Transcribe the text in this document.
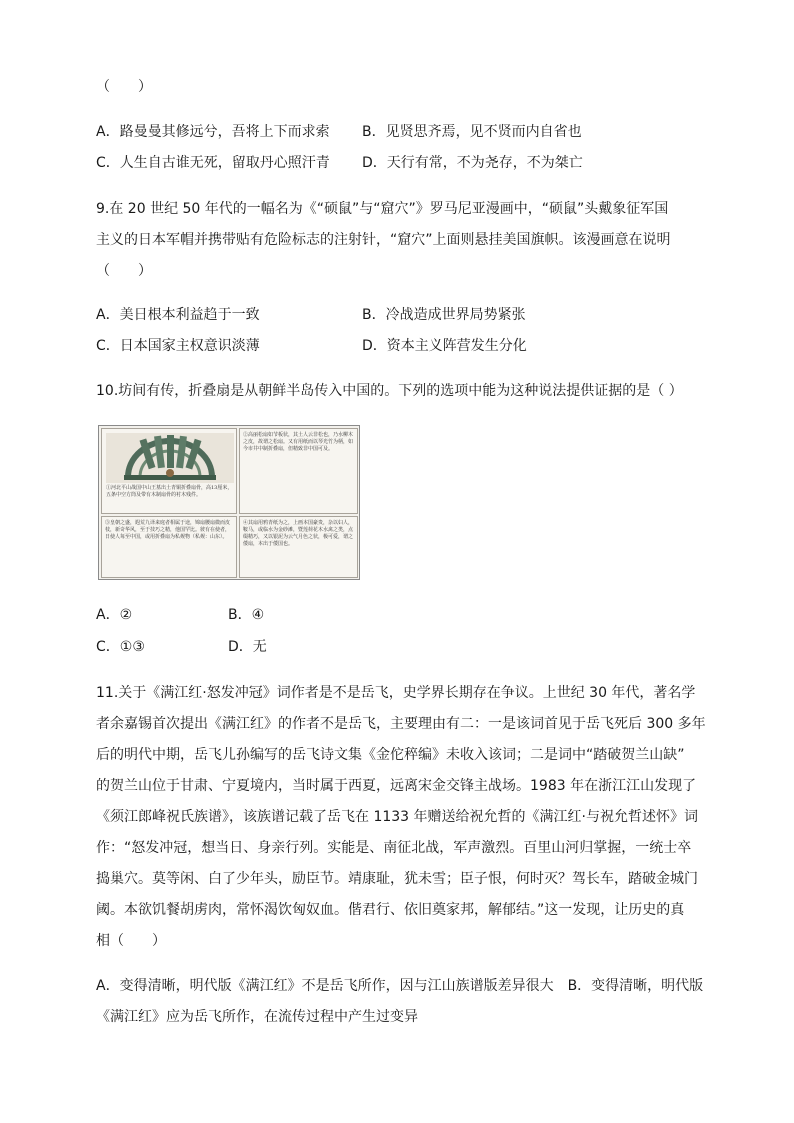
（　　）
A．路曼曼其修远兮，吾将上下而求索 B．见贤思齐焉，见不贤而内自省也
C．人生自古谁无死，留取丹心照汗青 D．天行有常，不为尧存，不为桀亡
9.在 20 世纪 50 年代的一幅名为《“硕鼠”与“窟穴”》罗马尼亚漫画中，“硕鼠”头戴象征军国
主义的日本军帽并携带贴有危险标志的注射针，“窟穴”上面则悬挂美国旗帜。该漫画意在说明
（　　）
A．美日根本利益趋于一致	B．冷战造成世界局势紧张
C．日本国家主权意识淡薄	D．资本主义阵营发生分化
10.坊间有传，折叠扇是从朝鲜半岛传入中国的。下列的选项中能为这种说法提供证据的是（ ）
①河北平山战国中山王墓出土青铜折叠扇骨，高13厘米，五条中空方筒及带有木制扇骨的衬木残件。
②高丽松扇如节板状，其土人云非松也，乃水柳木之皮，故谓之松扇。又有用纸而以琴光竹为柄，如今市井中制折叠扇，但精致非中国可及。
③皇朝之盛，遐荒九译来庭者相属于途，锦扇腰扇微而皮枝，新奇华风，至于技巧之精，他国罕比。彼有在使者，日使人每至中国，或用折叠扇为私觌物（私觌：山东）。
④其扇用鸦青纸为之，上画本国豪贵，杂以妇人，鞍马，或临水为金砂滩，暨莲荷花木水禽之类，点缀精巧，又以银泥为云气月色之状，极可爱，谓之倭扇，本出于倭国也。
A．②	B．④
C．①③	D．无
11.关于《满江红·怒发冲冠》词作者是不是岳飞，史学界长期存在争议。上世纪 30 年代，著名学
者余嘉锡首次提出《满江红》的作者不是岳飞，主要理由有二：一是该词首见于岳飞死后 300 多年
后的明代中期，岳飞儿孙编写的岳飞诗文集《金佗稡编》未收入该词；二是词中“踏破贺兰山缺”
的贺兰山位于甘肃、宁夏境内，当时属于西夏，远离宋金交锋主战场。1983 年在浙江江山发现了
《须江郎峰祝氏族谱》，该族谱记载了岳飞在 1133 年赠送给祝允哲的《满江红·与祝允哲述怀》词
作：“怒发冲冠，想当日、身亲行列。实能是、南征北战，军声激烈。百里山河归掌握，一统士卒
捣巢穴。莫等闲、白了少年头，励臣节。靖康耻，犹未雪；臣子恨，何时灭？驾长车，踏破金城门
阈。本欲饥餐胡虏肉，常怀渴饮匈奴血。偕君行、依旧奠家邦，解郁结。”这一发现，让历史的真
相（　　）
A．变得清晰，明代版《满江红》不是岳飞所作，因与江山族谱版差异很大　B．变得清晰，明代版
《满江红》应为岳飞所作，在流传过程中产生过变异
